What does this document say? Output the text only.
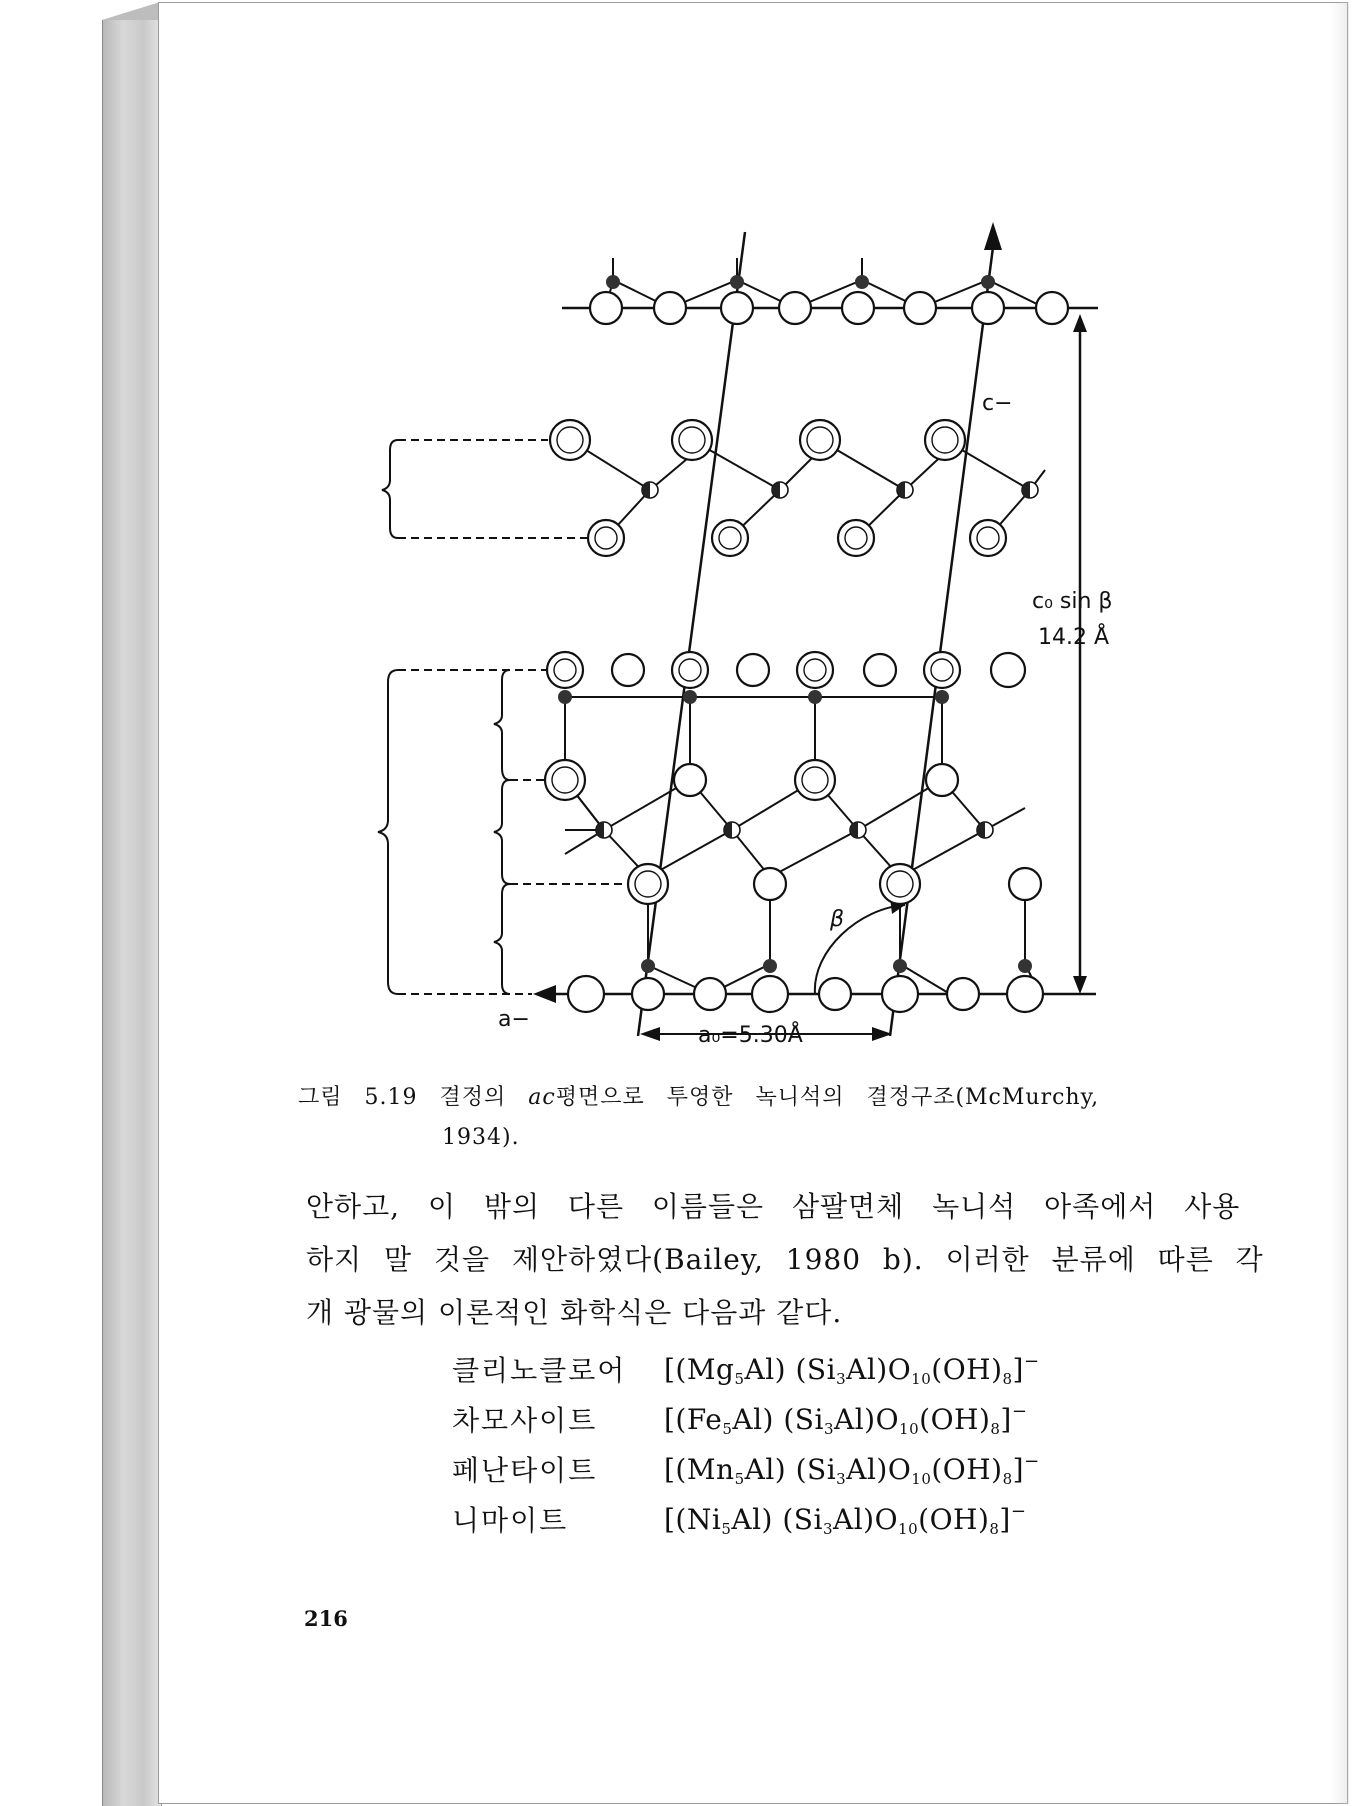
c−
a−
β
c₀ sin β
14.2 Å
a₀=5.30Å
그림 5.19 결정의 ac평면으로 투영한 녹니석의 결정구조(McMurchy,
1934).
안하고, 이 밖의 다른 이름들은 삼팔면체 녹니석 아족에서 사용
하지 말 것을 제안하였다(Bailey, 1980 b). 이러한 분류에 따른 각
개 광물의 이론적인 화학식은 다음과 같다.
클리노클로어	[$(Mg_5Al)$ $(Si_3Al)O_{10}(OH)_8]^-$
차모사이트	[$(Fe_5Al)$ $(Si_3Al)O_{10}(OH)_8]^-$
페난타이트	[$(Mn_5Al)$ $(Si_3Al)O_{10}(OH)_8]^-$
니마이트	[$(Ni_5Al)$ $(Si_3Al)O_{10}(OH)_8]^-$
216
